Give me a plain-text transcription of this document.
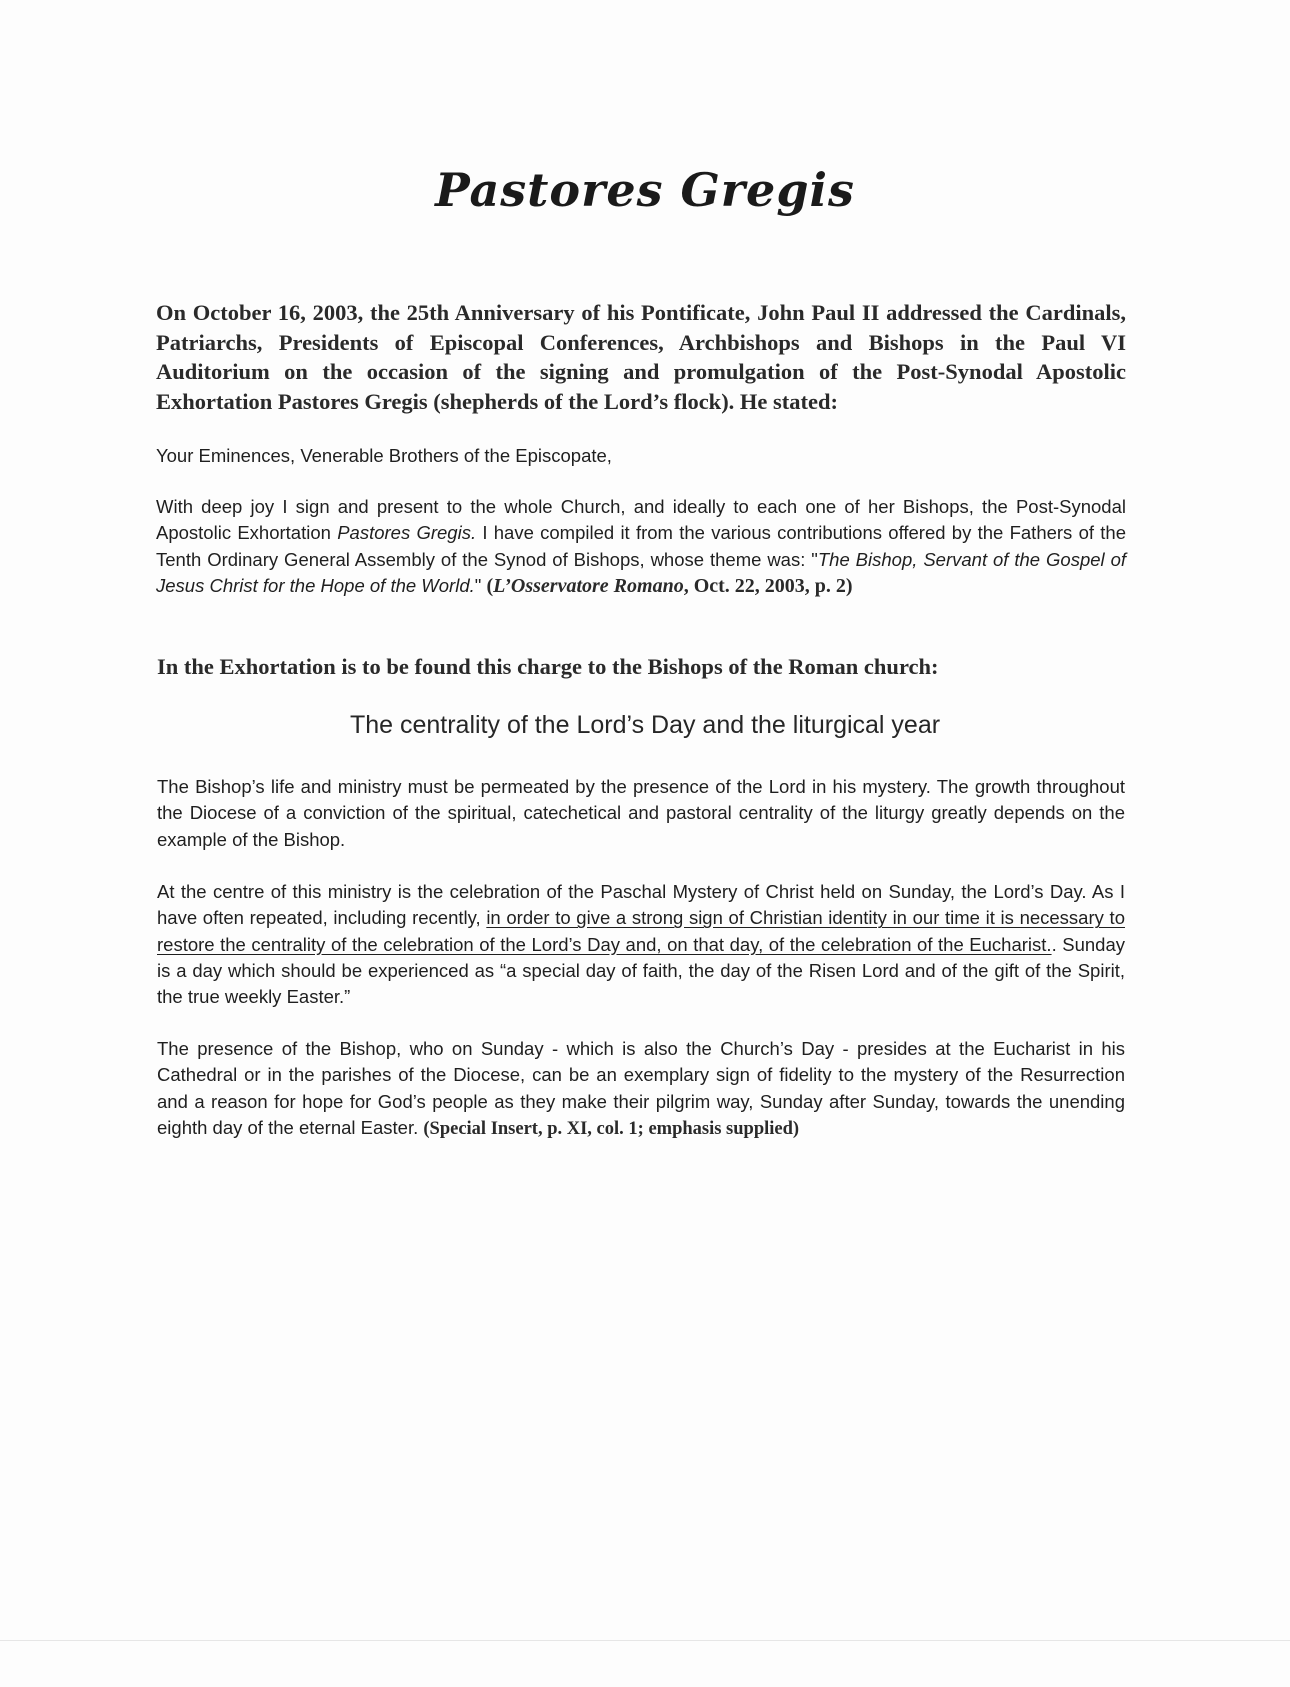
Pastores Gregis

On October 16, 2003, the 25th Anniversary of his Pontificate, John Paul II addressed the Cardinals, Patriarchs, Presidents of Episcopal Conferences, Archbishops and Bishops in the Paul VI Auditorium on the occasion of the signing and promulgation of the Post-Synodal Apostolic Exhortation Pastores Gregis (shepherds of the Lord’s flock). He stated:

Your Eminences, Venerable Brothers of the Episcopate,

With deep joy I sign and present to the whole Church, and ideally to each one of her Bishops, the Post-Synodal Apostolic Exhortation Pastores Gregis. I have compiled it from the various contributions offered by the Fathers of the Tenth Ordinary General Assembly of the Synod of Bishops, whose theme was: "The Bishop, Servant of the Gospel of Jesus Christ for the Hope of the World." (L’Osservatore Romano, Oct. 22, 2003, p. 2)

In the Exhortation is to be found this charge to the Bishops of the Roman church:

The centrality of the Lord’s Day and the liturgical year

The Bishop’s life and ministry must be permeated by the presence of the Lord in his mystery. The growth throughout the Diocese of a conviction of the spiritual, catechetical and pastoral centrality of the liturgy greatly depends on the example of the Bishop.

At the centre of this ministry is the celebration of the Paschal Mystery of Christ held on Sunday, the Lord’s Day. As I have often repeated, including recently, in order to give a strong sign of Christian identity in our time it is necessary to restore the centrality of the celebration of the Lord’s Day and, on that day, of the celebration of the Eucharist.. Sunday is a day which should be experienced as “a special day of faith, the day of the Risen Lord and of the gift of the Spirit, the true weekly Easter.”

The presence of the Bishop, who on Sunday - which is also the Church’s Day - presides at the Eucharist in his Cathedral or in the parishes of the Diocese, can be an exemplary sign of fidelity to the mystery of the Resurrection and a reason for hope for God’s people as they make their pilgrim way, Sunday after Sunday, towards the unending eighth day of the eternal Easter. (Special Insert, p. XI, col. 1; emphasis supplied)
